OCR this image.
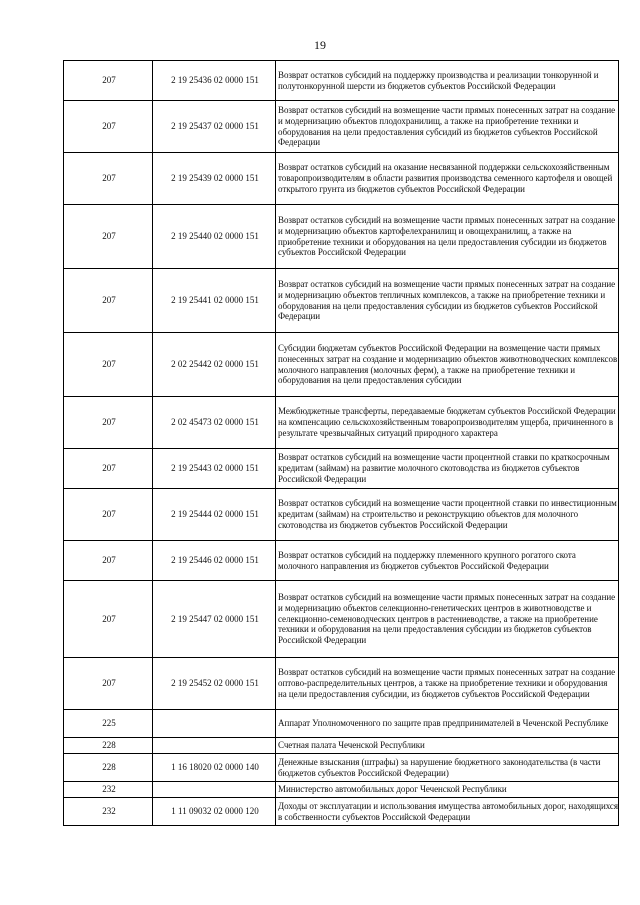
19
207	2 19 25436 02 0000 151	Возврат остатков субсидий на поддержку производства и реализации тонкорунной и полутонкорунной шерсти из бюджетов субъектов Российской Федерации
207	2 19 25437 02 0000 151	Возврат остатков субсидий на возмещение части прямых понесенных затрат на создание и модернизацию объектов плодохранилищ, а также на приобретение техники и оборудования на цели предоставления субсидий из бюджетов субъектов Российской Федерации
207	2 19 25439 02 0000 151	Возврат остатков субсидий на оказание несвязанной поддержки сельскохозяйственным товаропроизводителям в области развития производства семенного картофеля и овощей открытого грунта из бюджетов субъектов Российской Федерации
207	2 19 25440 02 0000 151	Возврат остатков субсидий на возмещение части прямых понесенных затрат на создание и модернизацию объектов картофелехранилищ и овощехранилищ, а также на приобретение техники и оборудования на цели предоставления субсидии из бюджетов субъектов Российской Федерации
207	2 19 25441 02 0000 151	Возврат остатков субсидий на возмещение части прямых понесенных затрат на создание и модернизацию объектов тепличных комплексов, а также на приобретение техники и оборудования на цели предоставления субсидии из бюджетов субъектов Российской Федерации
207	2 02 25442 02 0000 151	Субсидии бюджетам субъектов Российской Федерации на возмещение части прямых понесенных затрат на создание и модернизацию объектов животноводческих комплексов молочного направления (молочных ферм), а также на приобретение техники и оборудования на цели предоставления субсидии
207	2 02 45473 02 0000 151	Межбюджетные трансферты, передаваемые бюджетам субъектов Российской Федерации на компенсацию сельскохозяйственным товаропроизводителям ущерба, причиненного в результате чрезвычайных ситуаций природного характера
207	2 19 25443 02 0000 151	Возврат остатков субсидий на возмещение части процентной ставки по краткосрочным кредитам (займам) на развитие молочного скотоводства из бюджетов субъектов Российской Федерации
207	2 19 25444 02 0000 151	Возврат остатков субсидий на возмещение части процентной ставки по инвестиционным кредитам (займам) на строительство и реконструкцию объектов для молочного скотоводства из бюджетов субъектов Российской Федерации
207	2 19 25446 02 0000 151	Возврат остатков субсидий на поддержку племенного крупного рогатого скота молочного направления из бюджетов субъектов Российской Федерации
207	2 19 25447 02 0000 151	Возврат остатков субсидий на возмещение части прямых понесенных затрат на создание и модернизацию объектов селекционно-генетических центров в животноводстве и селекционно-семеноводческих центров в растениеводстве, а также на приобретение техники и оборудования на цели предоставления субсидии из бюджетов субъектов Российской Федерации
207	2 19 25452 02 0000 151	Возврат остатков субсидий на возмещение части прямых понесенных затрат на создание оптово-распределительных центров, а также на приобретение техники и оборудования на цели предоставления субсидии, из бюджетов субъектов Российской Федерации
225		Аппарат Уполномоченного по защите прав предпринимателей в Чеченской Республике
228		Счетная палата Чеченской Республики
228	1 16 18020 02 0000 140	Денежные взыскания (штрафы) за нарушение бюджетного законодательства (в части бюджетов субъектов Российской Федерации)
232		Министерство автомобильных дорог Чеченской Республики
232	1 11 09032 02 0000 120	Доходы от эксплуатации и использования имущества автомобильных дорог, находящихся в собственности субъектов Российской Федерации
